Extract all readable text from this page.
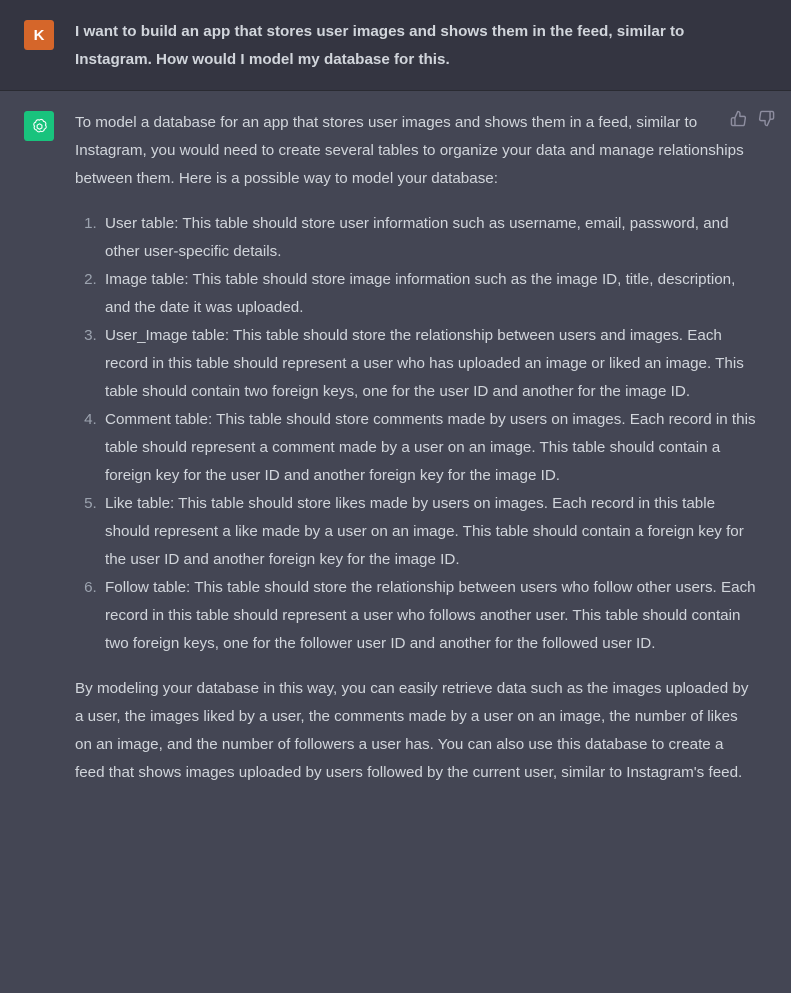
K I want to build an app that stores user images and shows them in the feed, similar to Instagram. How would I model my database for this.

To model a database for an app that stores user images and shows them in a feed, similar to Instagram, you would need to create several tables to organize your data and manage relationships between them. Here is a possible way to model your database:

1. User table: This table should store user information such as username, email, password, and other user-specific details.
2. Image table: This table should store image information such as the image ID, title, description, and the date it was uploaded.
3. User_Image table: This table should store the relationship between users and images. Each record in this table should represent a user who has uploaded an image or liked an image. This table should contain two foreign keys, one for the user ID and another for the image ID.
4. Comment table: This table should store comments made by users on images. Each record in this table should represent a comment made by a user on an image. This table should contain a foreign key for the user ID and another foreign key for the image ID.
5. Like table: This table should store likes made by users on images. Each record in this table should represent a like made by a user on an image. This table should contain a foreign key for the user ID and another foreign key for the image ID.
6. Follow table: This table should store the relationship between users who follow other users. Each record in this table should represent a user who follows another user. This table should contain two foreign keys, one for the follower user ID and another for the followed user ID.

By modeling your database in this way, you can easily retrieve data such as the images uploaded by a user, the images liked by a user, the comments made by a user on an image, the number of likes on an image, and the number of followers a user has. You can also use this database to create a feed that shows images uploaded by users followed by the current user, similar to Instagram's feed.
